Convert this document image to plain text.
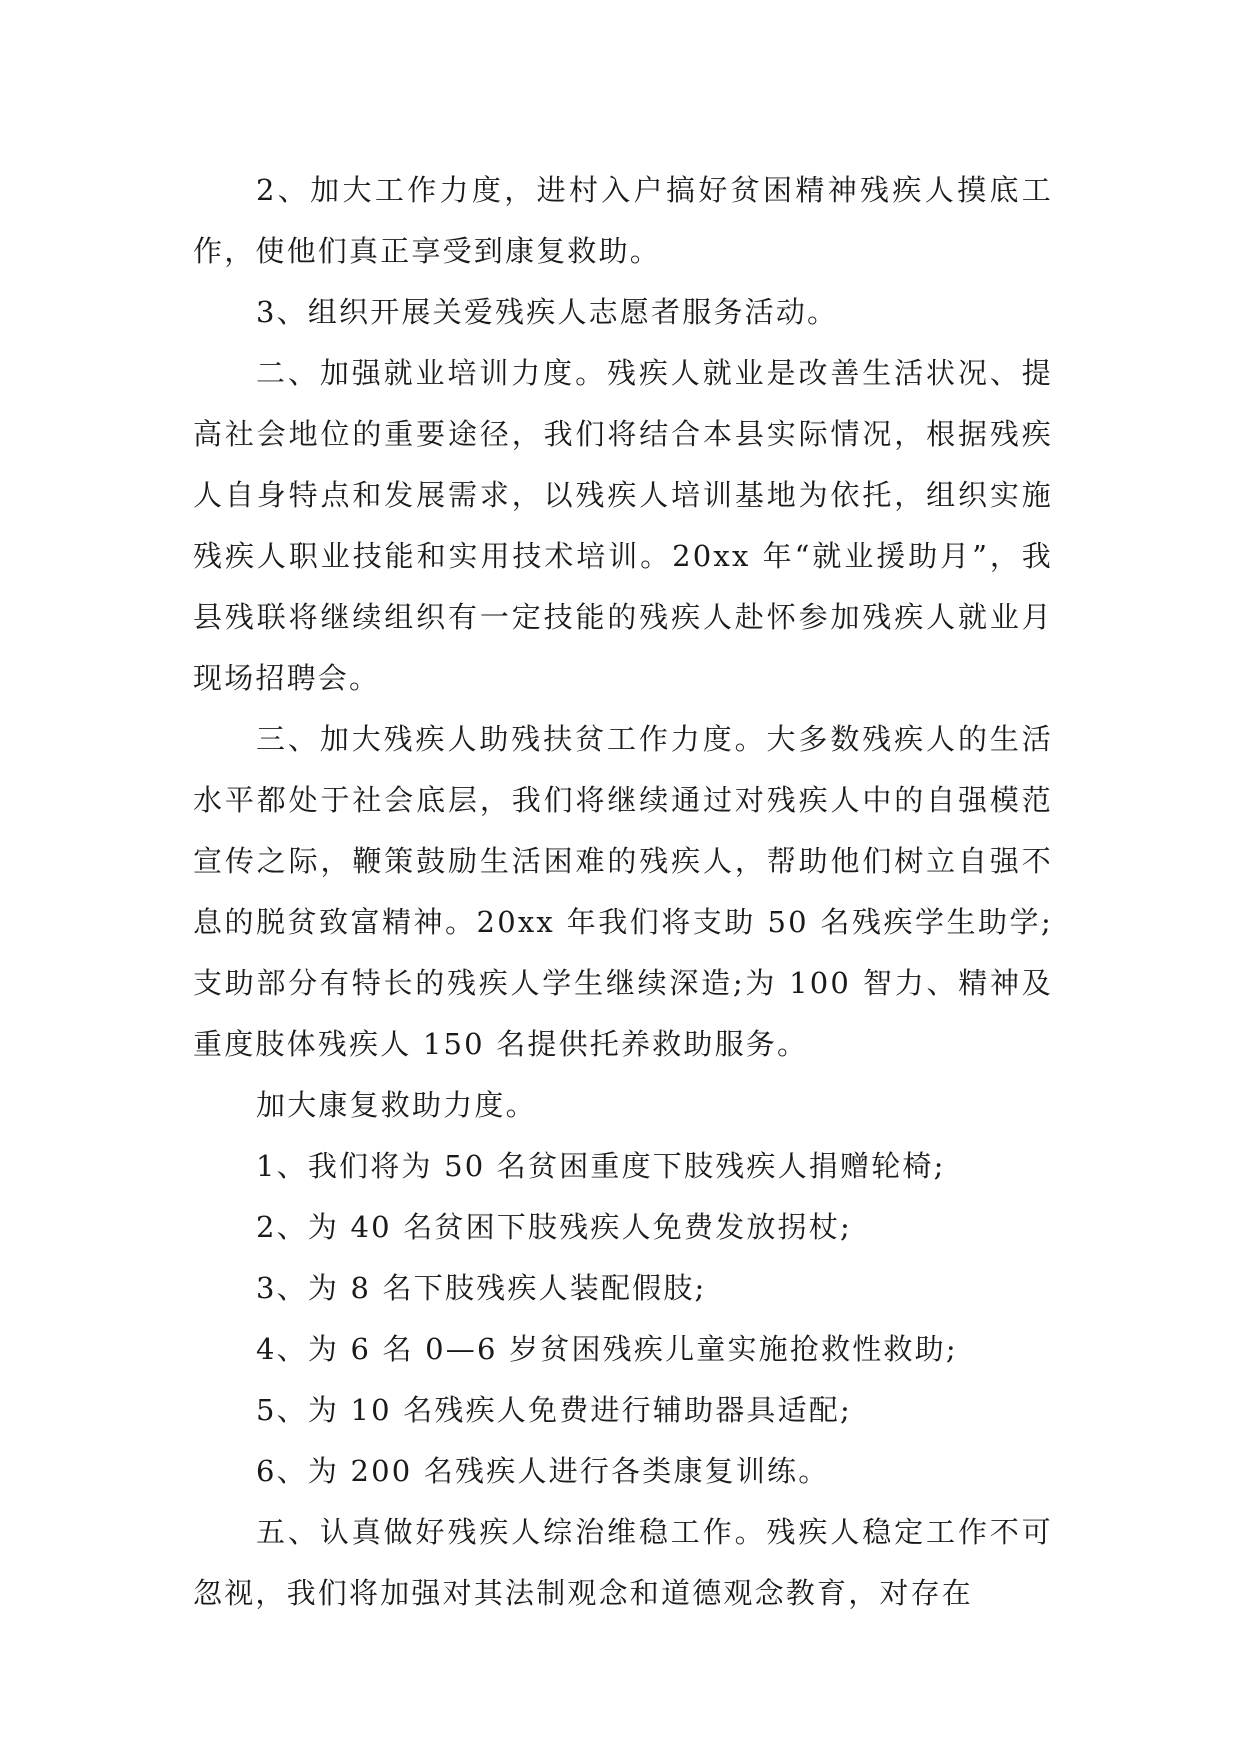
2、加大工作力度，进村入户搞好贫困精神残疾人摸底工作，使他们真正享受到康复救助。

3、组织开展关爱残疾人志愿者服务活动。

二、加强就业培训力度。残疾人就业是改善生活状况、提高社会地位的重要途径，我们将结合本县实际情况，根据残疾人自身特点和发展需求，以残疾人培训基地为依托，组织实施残疾人职业技能和实用技术培训。20xx 年“就业援助月”，我县残联将继续组织有一定技能的残疾人赴怀参加残疾人就业月现场招聘会。

三、加大残疾人助残扶贫工作力度。大多数残疾人的生活水平都处于社会底层，我们将继续通过对残疾人中的自强模范宣传之际，鞭策鼓励生活困难的残疾人，帮助他们树立自强不息的脱贫致富精神。20xx 年我们将支助 50 名残疾学生助学;支助部分有特长的残疾人学生继续深造;为 100 智力、精神及重度肢体残疾人 150 名提供托养救助服务。

加大康复救助力度。

1、我们将为 50 名贫困重度下肢残疾人捐赠轮椅;

2、为 40 名贫困下肢残疾人免费发放拐杖;

3、为 8 名下肢残疾人装配假肢;

4、为 6 名 0—6 岁贫困残疾儿童实施抢救性救助;

5、为 10 名残疾人免费进行辅助器具适配;

6、为 200 名残疾人进行各类康复训练。

五、认真做好残疾人综治维稳工作。残疾人稳定工作不可忽视，我们将加强对其法制观念和道德观念教育，对存在
